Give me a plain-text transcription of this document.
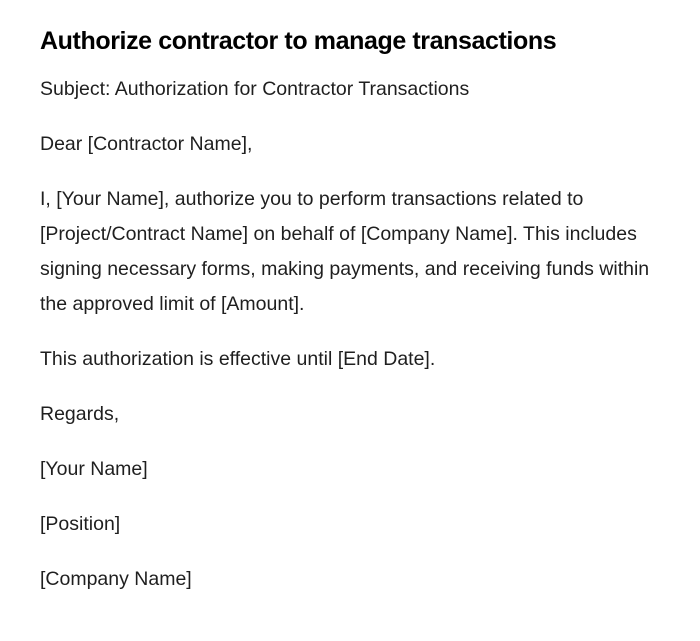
Authorize contractor to manage transactions

Subject: Authorization for Contractor Transactions

Dear [Contractor Name],

I, [Your Name], authorize you to perform transactions related to [Project/Contract Name] on behalf of [Company Name]. This includes signing necessary forms, making payments, and receiving funds within the approved limit of [Amount].

This authorization is effective until [End Date].

Regards,

[Your Name]

[Position]

[Company Name]
